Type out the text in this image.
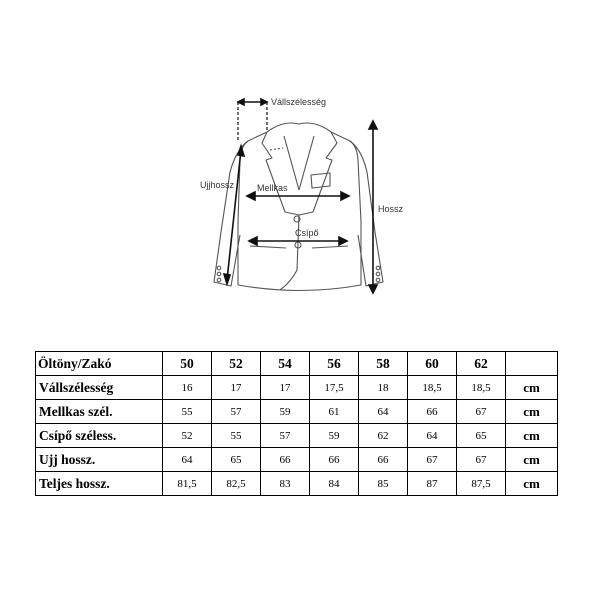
Vállszélesség
Ujjhossz	Mellkas
Csípő
Hossz
Öltöny/Zakó	50	52	54	56	58	60	62	
Vállszélesség	16	17	17	17,5	18	18,5	18,5	cm
Mellkas szél.	55	57	59	61	64	66	67	cm
Csípő széless.	52	55	57	59	62	64	65	cm
Ujj hossz.	64	65	66	66	66	67	67	cm
Teljes hossz.	81,5	82,5	83	84	85	87	87,5	cm
